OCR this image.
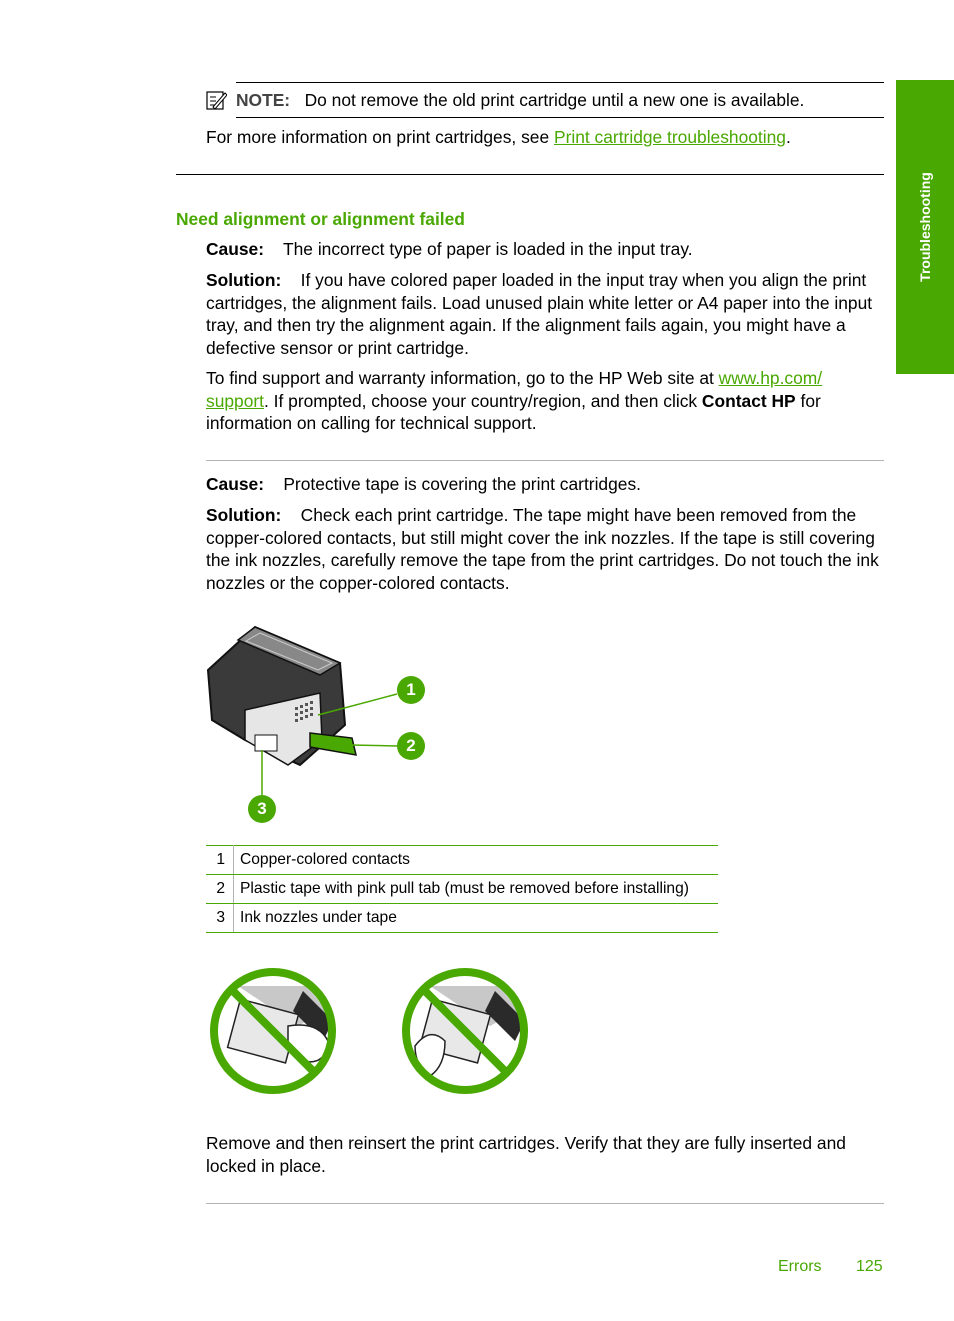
Troubleshooting
NOTE: Do not remove the old print cartridge until a new one is available.
For more information on print cartridges, see Print cartridge troubleshooting.
Need alignment or alignment failed
Cause: The incorrect type of paper is loaded in the input tray.
Solution: If you have colored paper loaded in the input tray when you align the print cartridges, the alignment fails. Load unused plain white letter or A4 paper into the input tray, and then try the alignment again. If the alignment fails again, you might have a defective sensor or print cartridge.
To find support and warranty information, go to the HP Web site at www.hp.com/ support. If prompted, choose your country/region, and then click Contact HP for information on calling for technical support.
Cause: Protective tape is covering the print cartridges.
Solution: Check each print cartridge. The tape might have been removed from the copper-colored contacts, but still might cover the ink nozzles. If the tape is still covering the ink nozzles, carefully remove the tape from the print cartridges. Do not touch the ink nozzles or the copper-colored contacts.
1
2
3
1	Copper-colored contacts
2	Plastic tape with pink pull tab (must be removed before installing)
3	Ink nozzles under tape
Remove and then reinsert the print cartridges. Verify that they are fully inserted and locked in place.
Errors 125
